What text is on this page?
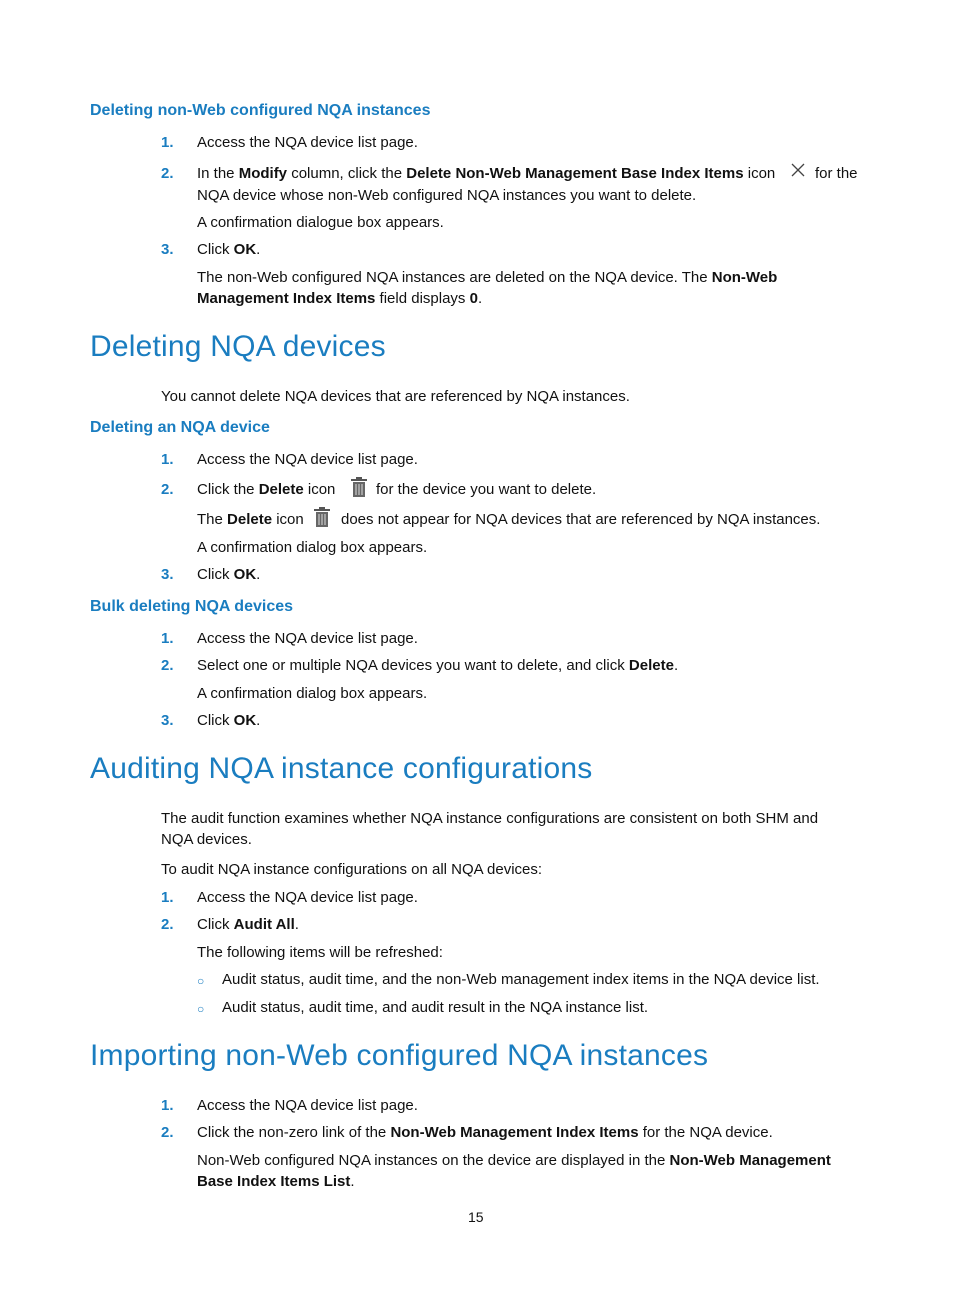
Deleting non-Web configured NQA instances
1. Access the NQA device list page.
2. In the Modify column, click the Delete Non-Web Management Base Index Items icon	for the
NQA device whose non-Web configured NQA instances you want to delete.
A confirmation dialogue box appears.
3. Click OK.
The non-Web configured NQA instances are deleted on the NQA device. The Non-Web
Management Index Items field displays 0.
Deleting NQA devices
You cannot delete NQA devices that are referenced by NQA instances.
Deleting an NQA device
1. Access the NQA device list page.
2. Click the Delete icon	for the device you want to delete.
The Delete icon does not appear for NQA devices that are referenced by NQA instances.
A confirmation dialog box appears.
3. Click OK.
Bulk deleting NQA devices
1. Access the NQA device list page.
2. Select one or multiple NQA devices you want to delete, and click Delete.
A confirmation dialog box appears.
3. Click OK.
Auditing NQA instance configurations
The audit function examines whether NQA instance configurations are consistent on both SHM and
NQA devices.
To audit NQA instance configurations on all NQA devices:
1. Access the NQA device list page.
2. Click Audit All.
The following items will be refreshed:
○ Audit status, audit time, and the non-Web management index items in the NQA device list.
○ Audit status, audit time, and audit result in the NQA instance list.
Importing non-Web configured NQA instances
1. Access the NQA device list page.
2. Click the non-zero link of the Non-Web Management Index Items for the NQA device.
Non-Web configured NQA instances on the device are displayed in the Non-Web Management
Base Index Items List.
15
